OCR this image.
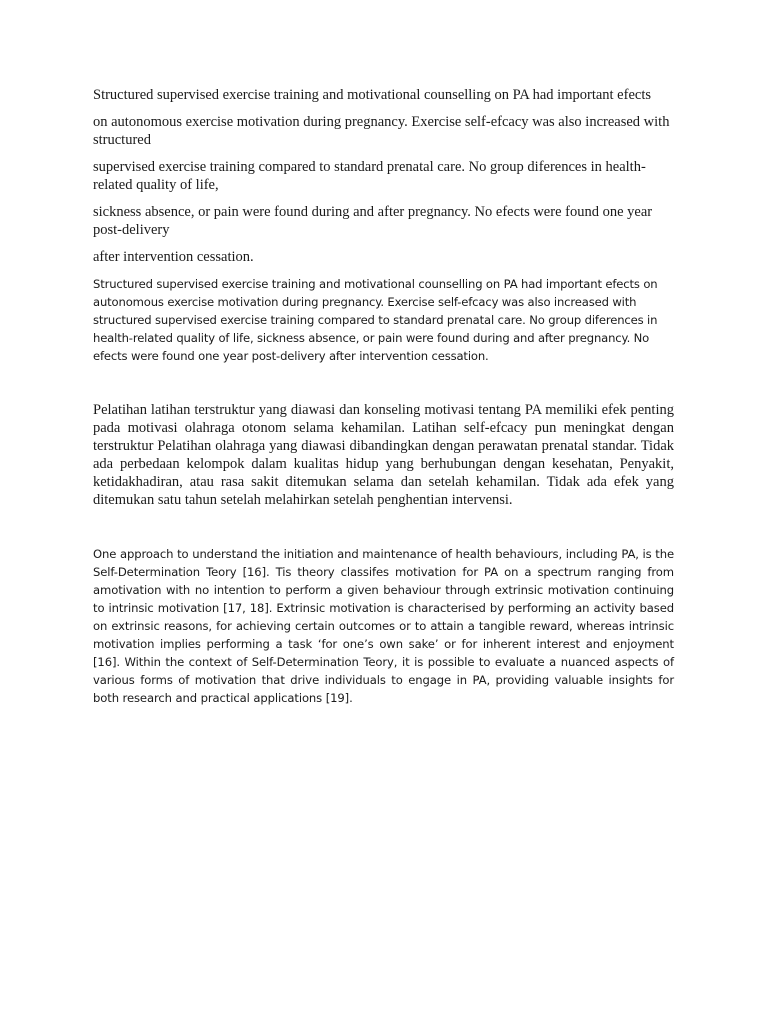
Structured supervised exercise training and motivational counselling on PA had important efects

on autonomous exercise motivation during pregnancy. Exercise self-efcacy was also increased with structured

supervised exercise training compared to standard prenatal care. No group diferences in health-related quality of life,

sickness absence, or pain were found during and after pregnancy. No efects were found one year post-delivery

after intervention cessation.

Structured supervised exercise training and motivational counselling on PA had important efects on autonomous exercise motivation during pregnancy. Exercise self-efcacy was also increased with structured supervised exercise training compared to standard prenatal care. No group diferences in health-related quality of life, sickness absence, or pain were found during and after pregnancy. No efects were found one year post-delivery after intervention cessation.

Pelatihan latihan terstruktur yang diawasi dan konseling motivasi tentang PA memiliki efek penting pada motivasi olahraga otonom selama kehamilan. Latihan self-efcacy pun meningkat dengan terstruktur Pelatihan olahraga yang diawasi dibandingkan dengan perawatan prenatal standar. Tidak ada perbedaan kelompok dalam kualitas hidup yang berhubungan dengan kesehatan, Penyakit, ketidakhadiran, atau rasa sakit ditemukan selama dan setelah kehamilan. Tidak ada efek yang ditemukan satu tahun setelah melahirkan setelah penghentian intervensi.

One approach to understand the initiation and maintenance of health behaviours, including PA, is the Self-Determination Teory [16]. Tis theory classifes motivation for PA on a spectrum ranging from amotivation with no intention to perform a given behaviour through extrinsic motivation continuing to intrinsic motivation [17, 18]. Extrinsic motivation is characterised by performing an activity based on extrinsic reasons, for achieving certain outcomes or to attain a tangible reward, whereas intrinsic motivation implies performing a task ‘for one’s own sake’ or for inherent interest and enjoyment [16]. Within the context of Self-Determination Teory, it is possible to evaluate a nuanced aspects of various forms of motivation that drive individuals to engage in PA, providing valuable insights for both research and practical applications [19].
